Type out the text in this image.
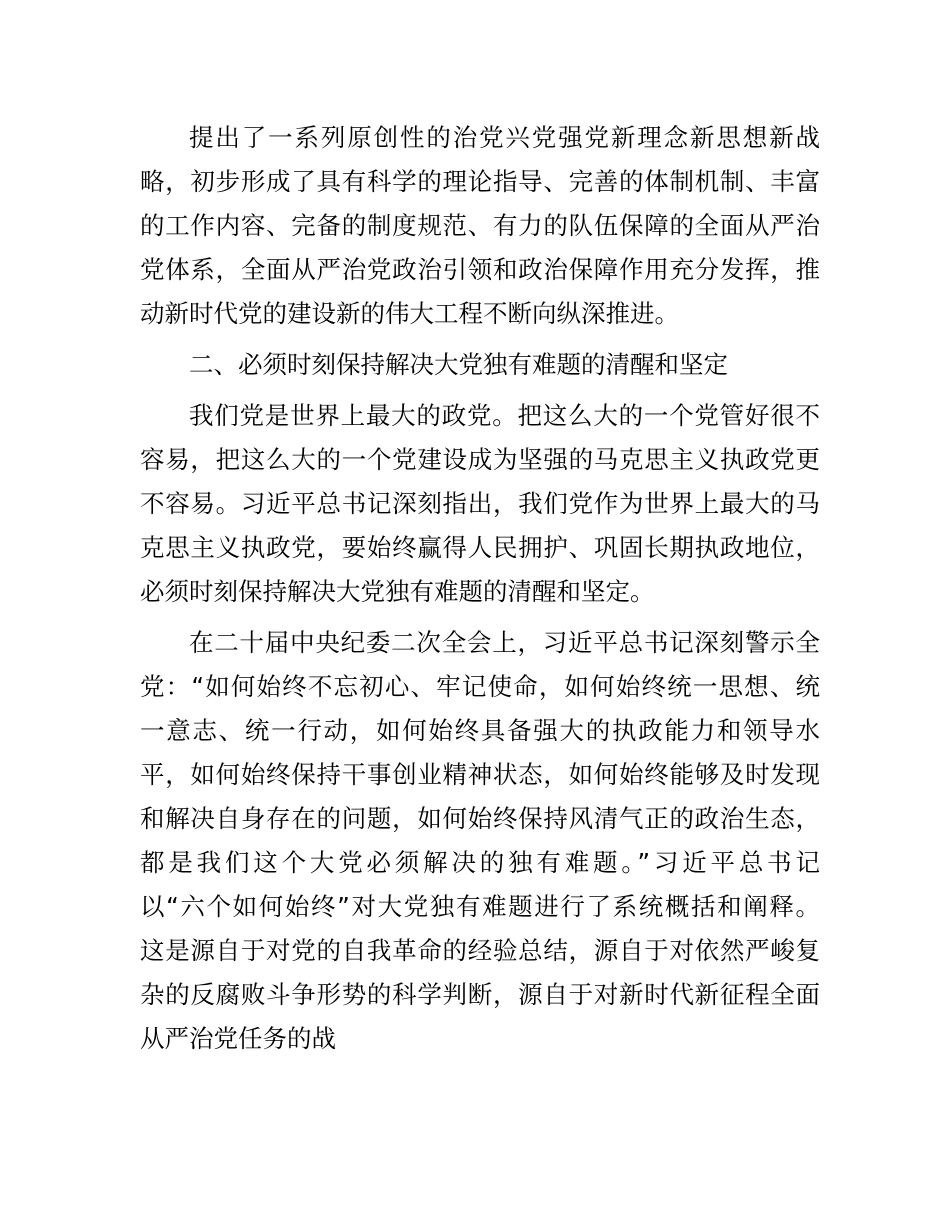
提出了一系列原创性的治党兴党强党新理念新思想新战
略，初步形成了具有科学的理论指导、完善的体制机制、丰富
的工作内容、完备的制度规范、有力的队伍保障的全面从严治
党体系，全面从严治党政治引领和政治保障作用充分发挥，推
动新时代党的建设新的伟大工程不断向纵深推进。
二、必须时刻保持解决大党独有难题的清醒和坚定
我们党是世界上最大的政党。把这么大的一个党管好很不
容易，把这么大的一个党建设成为坚强的马克思主义执政党更
不容易。习近平总书记深刻指出，我们党作为世界上最大的马
克思主义执政党，要始终赢得人民拥护、巩固长期执政地位，
必须时刻保持解决大党独有难题的清醒和坚定。
在二十届中央纪委二次全会上，习近平总书记深刻警示全
党：“如何始终不忘初心、牢记使命，如何始终统一思想、统
一意志、统一行动，如何始终具备强大的执政能力和领导水
平，如何始终保持干事创业精神状态，如何始终能够及时发现
和解决自身存在的问题，如何始终保持风清气正的政治生态，
都是我们这个大党必须解决的独有难题。”习近平总书记
以“六个如何始终”对大党独有难题进行了系统概括和阐释。
这是源自于对党的自我革命的经验总结，源自于对依然严峻复
杂的反腐败斗争形势的科学判断，源自于对新时代新征程全面
从严治党任务的战
